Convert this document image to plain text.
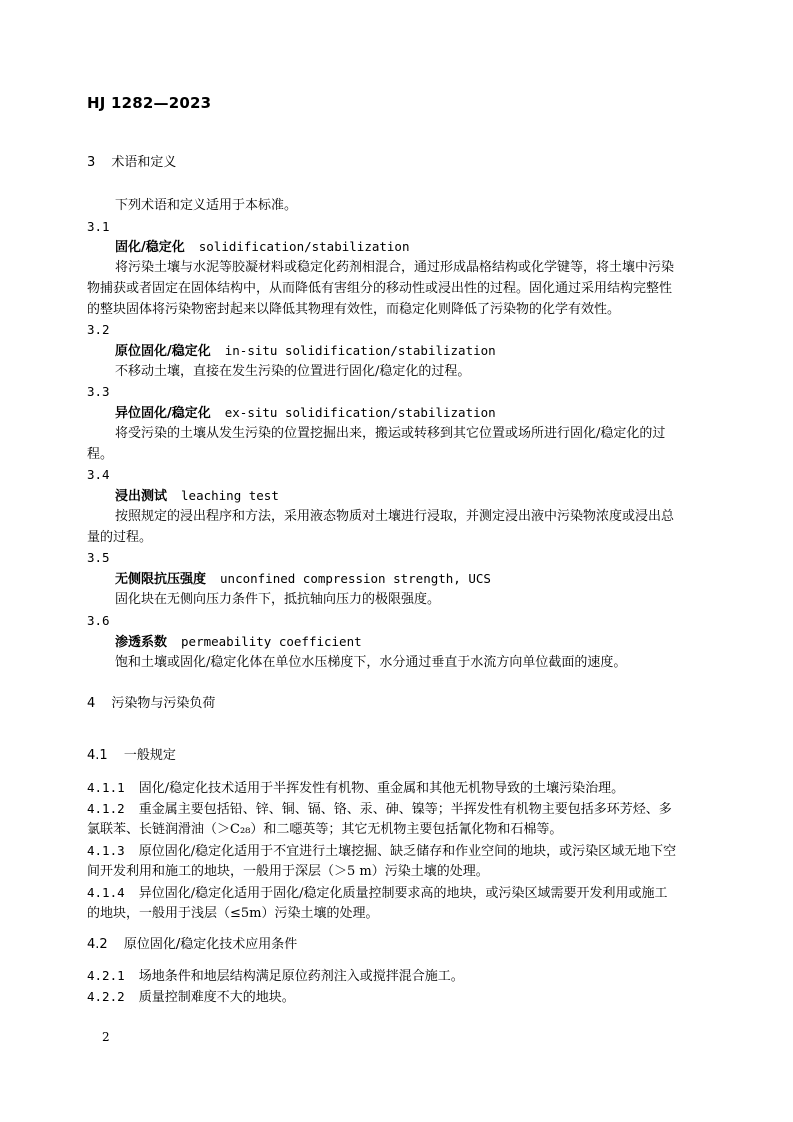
HJ 1282—2023
3 术语和定义
下列术语和定义适用于本标准。
3.1
固化/稳定化 solidification/stabilization
将污染土壤与水泥等胶凝材料或稳定化药剂相混合，通过形成晶格结构或化学键等，将土壤中污染
物捕获或者固定在固体结构中，从而降低有害组分的移动性或浸出性的过程。固化通过采用结构完整性
的整块固体将污染物密封起来以降低其物理有效性，而稳定化则降低了污染物的化学有效性。
3.2
原位固化/稳定化 in-situ solidification/stabilization
不移动土壤，直接在发生污染的位置进行固化/稳定化的过程。
3.3
异位固化/稳定化 ex-situ solidification/stabilization
将受污染的土壤从发生污染的位置挖掘出来，搬运或转移到其它位置或场所进行固化/稳定化的过
程。
3.4
浸出测试 leaching test
按照规定的浸出程序和方法，采用液态物质对土壤进行浸取，并测定浸出液中污染物浓度或浸出总
量的过程。
3.5
无侧限抗压强度 unconfined compression strength, UCS
固化块在无侧向压力条件下，抵抗轴向压力的极限强度。
3.6
渗透系数 permeability coefficient
饱和土壤或固化/稳定化体在单位水压梯度下，水分通过垂直于水流方向单位截面的速度。
4 污染物与污染负荷
4.1 一般规定
4.1.1 固化/稳定化技术适用于半挥发性有机物、重金属和其他无机物导致的土壤污染治理。
4.1.2 重金属主要包括铅、锌、铜、镉、铬、汞、砷、镍等；半挥发性有机物主要包括多环芳烃、多
氯联苯、长链润滑油（＞C₂₈）和二噁英等；其它无机物主要包括氰化物和石棉等。
4.1.3 原位固化/稳定化适用于不宜进行土壤挖掘、缺乏储存和作业空间的地块，或污染区域无地下空
间开发利用和施工的地块，一般用于深层（＞5 m）污染土壤的处理。
4.1.4 异位固化/稳定化适用于固化/稳定化质量控制要求高的地块，或污染区域需要开发利用或施工
的地块，一般用于浅层（≤5m）污染土壤的处理。
4.2 原位固化/稳定化技术应用条件
4.2.1 场地条件和地层结构满足原位药剂注入或搅拌混合施工。
4.2.2 质量控制难度不大的地块。
2
